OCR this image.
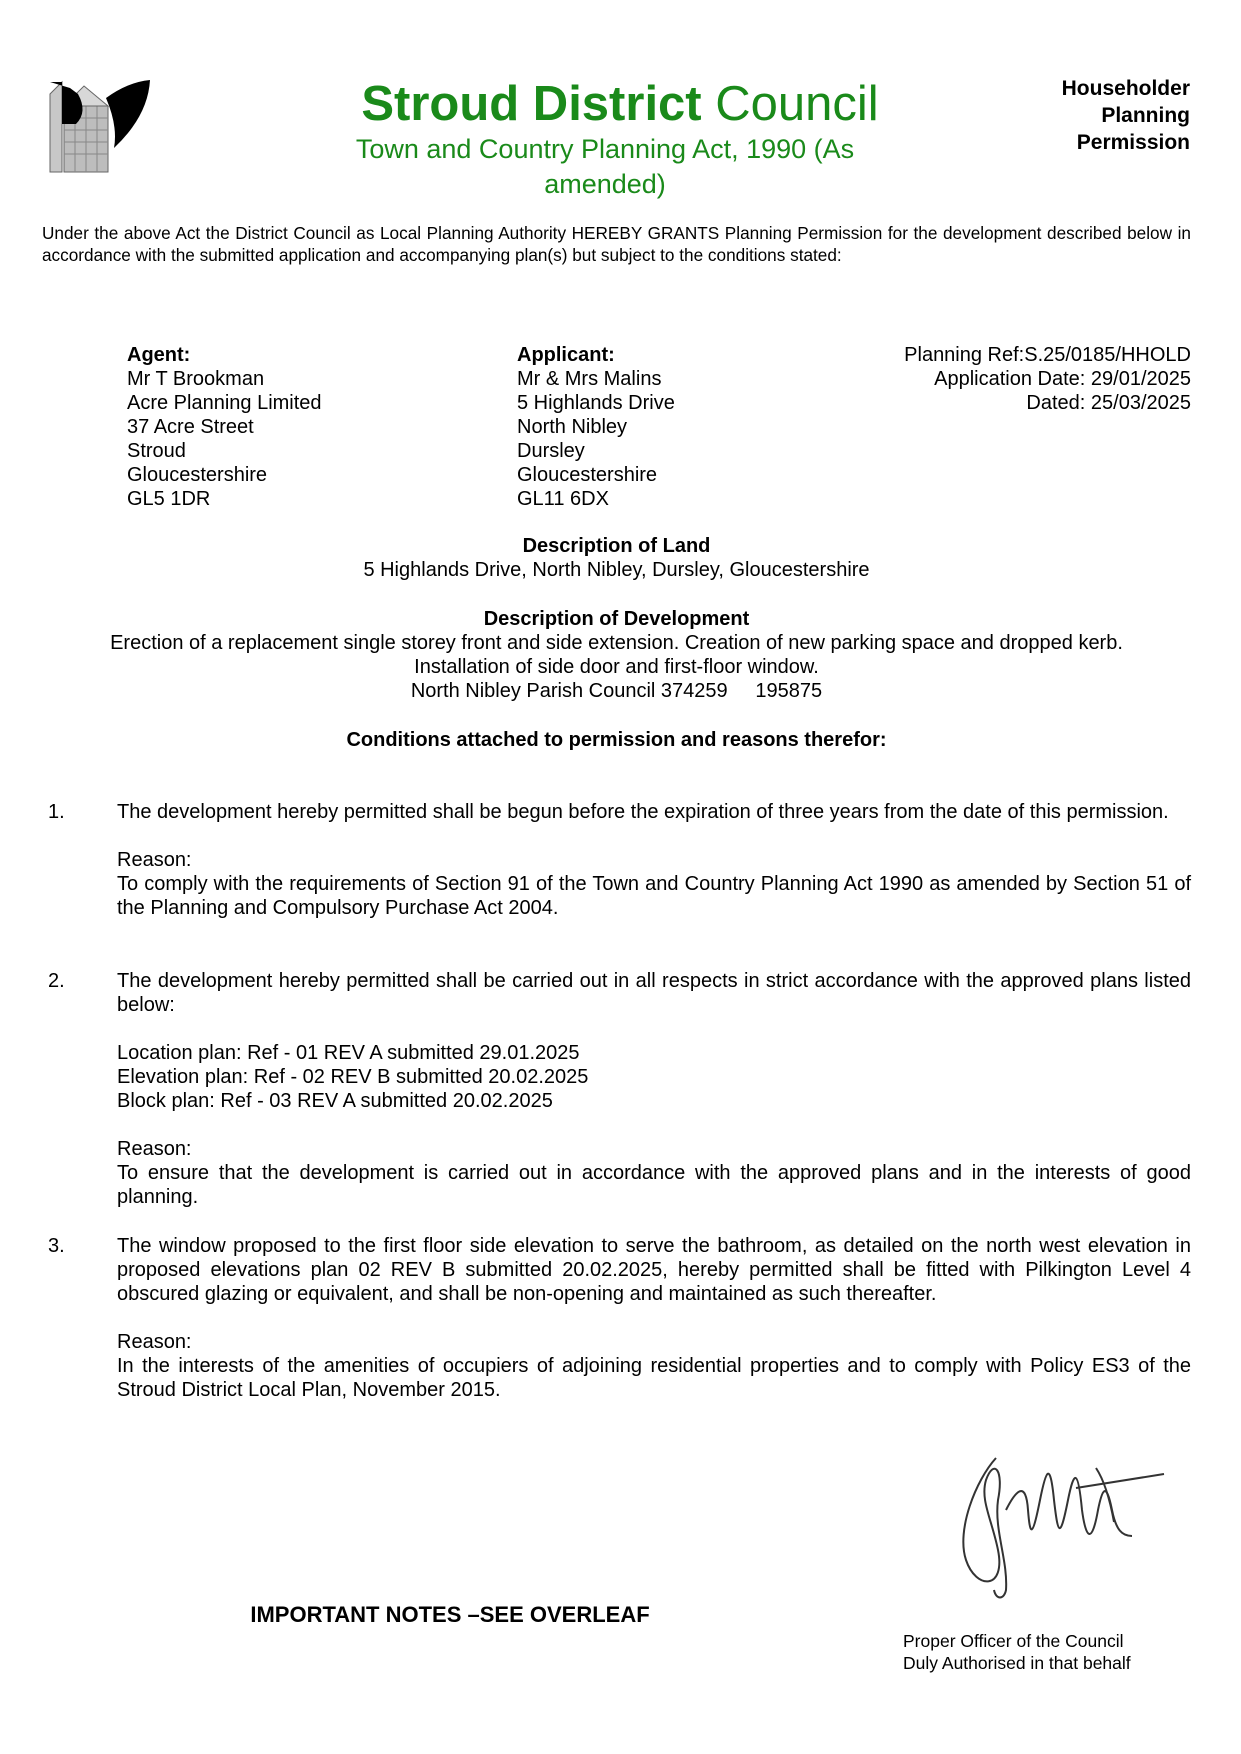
Stroud District Council
Town and Country Planning Act, 1990 (As amended)
Householder
Planning
Permission
Under the above Act the District Council as Local Planning Authority HEREBY GRANTS Planning Permission for the development described below in accordance with the submitted application and accompanying plan(s) but subject to the conditions stated:
Agent:
Mr T Brookman
Acre Planning Limited
37 Acre Street
Stroud
Gloucestershire
GL5 1DR
Applicant:
Mr & Mrs Malins
5 Highlands Drive
North Nibley
Dursley
Gloucestershire
GL11 6DX
Planning Ref:S.25/0185/HHOLD
Application Date: 29/01/2025
Dated: 25/03/2025
Description of Land
5 Highlands Drive, North Nibley, Dursley, Gloucestershire
Description of Development
Erection of a replacement single storey front and side extension. Creation of new parking space and dropped kerb.
Installation of side door and first-floor window.
North Nibley Parish Council 374259     195875
Conditions attached to permission and reasons therefor:
1.	The development hereby permitted shall be begun before the expiration of three years from the date of this permission.

Reason:

To comply with the requirements of Section 91 of the Town and Country Planning Act 1990 as amended by Section 51 of the Planning and Compulsory Purchase Act 2004.

2.	The development hereby permitted shall be carried out in all respects in strict accordance with the approved plans listed below:

Location plan: Ref - 01 REV A submitted 29.01.2025
Elevation plan: Ref - 02 REV B submitted 20.02.2025

Block plan: Ref - 03 REV A submitted 20.02.2025

Reason:

To ensure that the development is carried out in accordance with the approved plans and in the interests of good planning.

3.	The window proposed to the first floor side elevation to serve the bathroom, as detailed on the north west elevation in proposed elevations plan 02 REV B submitted 20.02.2025, hereby permitted shall be fitted with Pilkington Level 4 obscured glazing or equivalent, and shall be non-opening and maintained as such thereafter.

Reason:

In the interests of the amenities of occupiers of adjoining residential properties and to comply with Policy ES3 of the Stroud District Local Plan, November 2015.

IMPORTANT NOTES –SEE OVERLEAF
Proper Officer of the Council
Duly Authorised in that behalf
